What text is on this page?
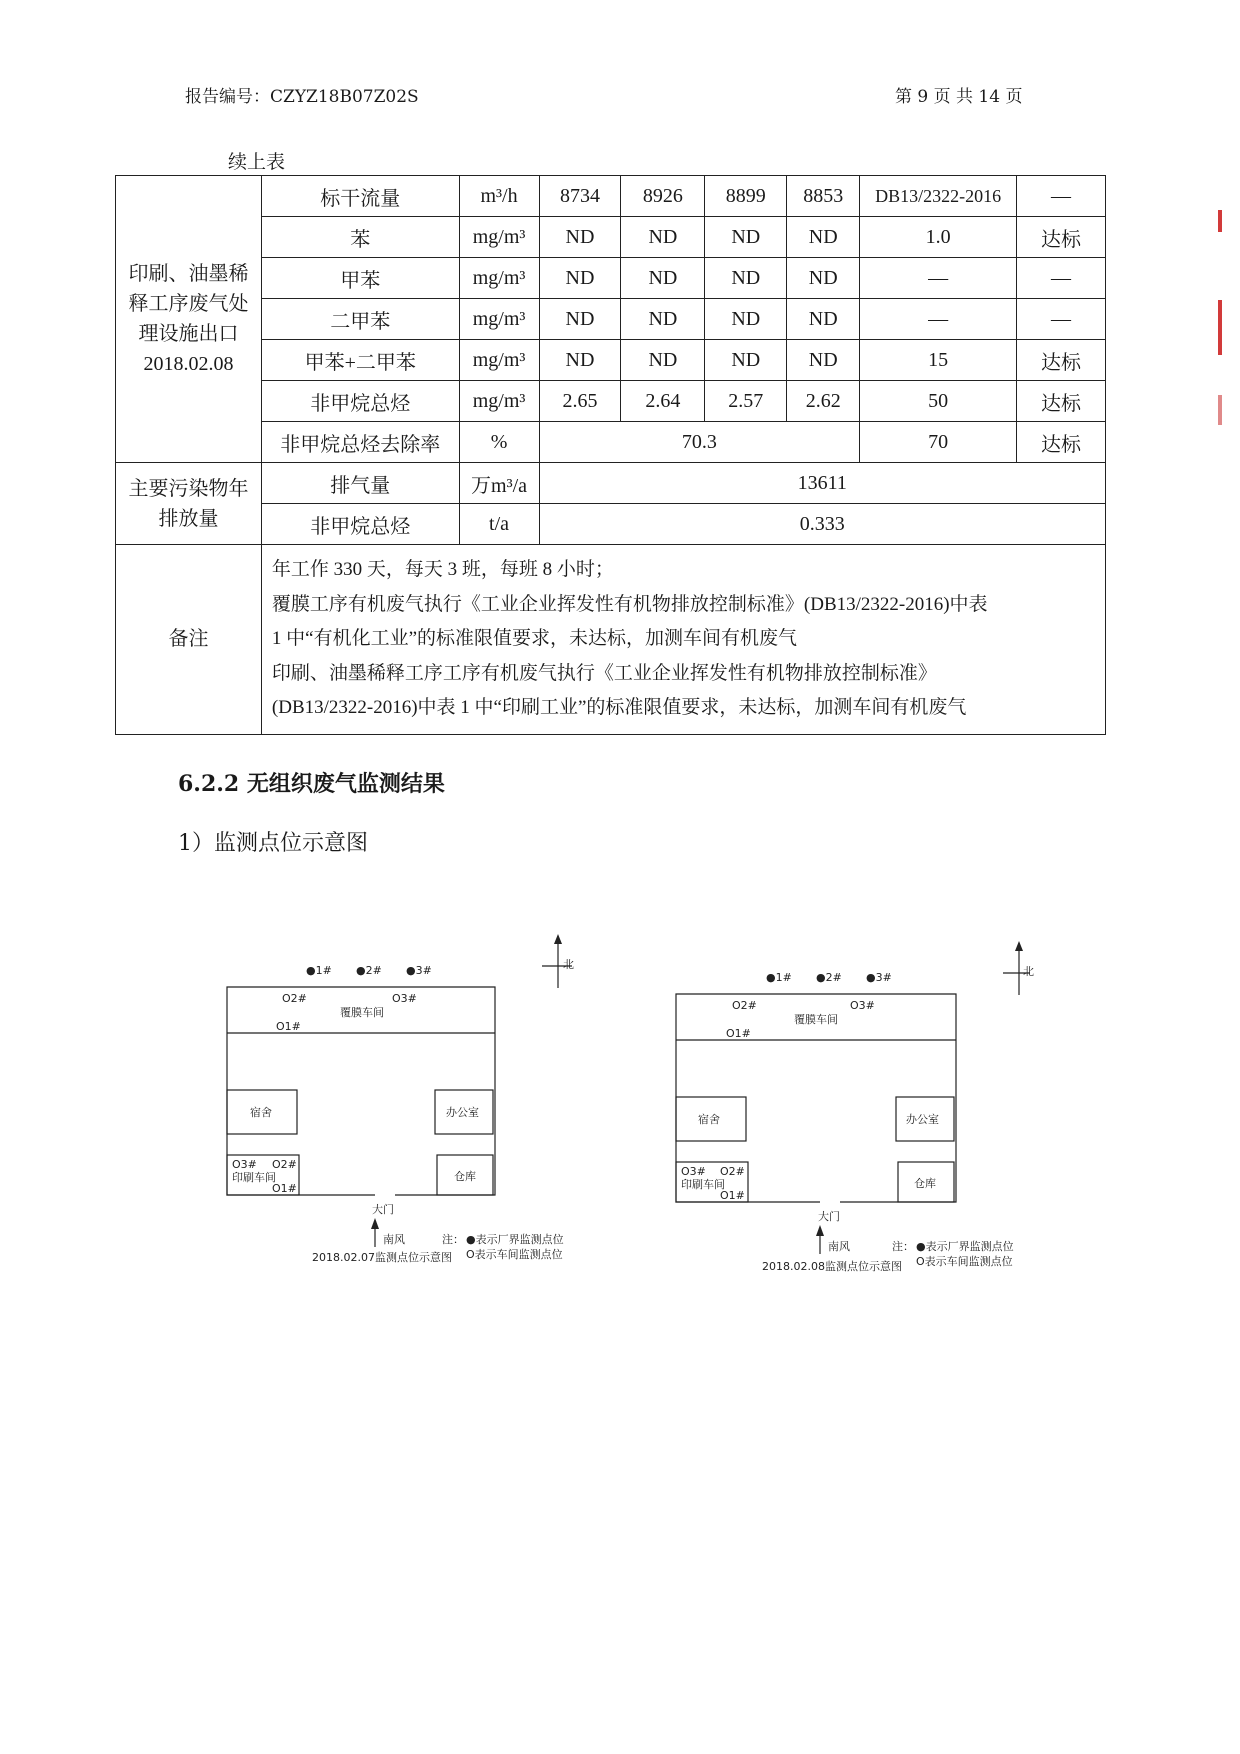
报告编号：CZYZ18B07Z02S	第 9 页 共 14 页
续上表
印刷、油墨稀释工序废气处理设施出口 2018.02.08	标干流量	m³/h	8734	8926	8899	8853	DB13/2322-2016	—
	苯	mg/m³	ND	ND	ND	ND	1.0	达标
	甲苯	mg/m³	ND	ND	ND	ND	—	—
	二甲苯	mg/m³	ND	ND	ND	ND	—	—
	甲苯+二甲苯	mg/m³	ND	ND	ND	ND	15	达标
	非甲烷总烃	mg/m³	2.65	2.64	2.57	2.62	50	达标
	非甲烷总烃去除率	%	70.3				70	达标

主要污染物年排放量	排气量	万m³/a	13611					
	非甲烷总烃	t/a	0.333					
备注	年工作 330 天，每天 3 班，每班 8 小时；
覆膜工序有机废气执行《工业企业挥发性有机物排放控制标准》(DB13/2322-2016)中表
1 中“有机化工业”的标准限值要求，未达标，加测车间有机废气
印刷、油墨稀释工序工序有机废气执行《工业企业挥发性有机物排放控制标准》
(DB13/2322-2016)中表 1 中“印刷工业”的标准限值要求，未达标，加测车间有机废气							
6.2.2 无组织废气监测结果
1）监测点位示意图
●1# ●2# ●3#
O2#	O3#
覆膜车间
O1#
宿舍	办公室
O3# O2#
印刷车间
O1#
仓库
大门
北
南风	注： ●表示厂界监测点位
O表示车间监测点位
2018.02.07监测点位示意图
●1# ●2# ●3#
O2#	O3#
覆膜车间
O1#
宿舍	办公室
O3# O2#
印刷车间
O1#
仓库
大门
北
南风	注： ●表示厂界监测点位
O表示车间监测点位
2018.02.08监测点位示意图
